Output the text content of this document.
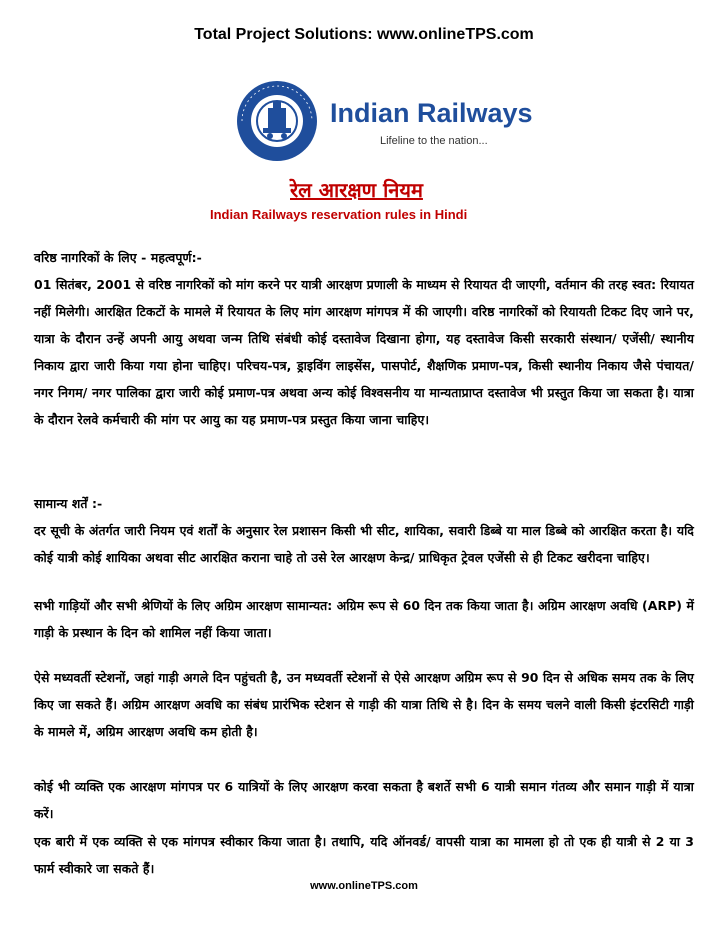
Total Project Solutions: www.onlineTPS.com
Indian Railways
Lifeline to the nation...
रेल आरक्षण नियम
Indian Railways reservation rules in Hindi
वरिष्ठ नागरिकों के लिए - महत्वपूर्ण:-
01 सितंबर, 2001 से वरिष्ठ नागरिकों को मांग करने पर यात्री आरक्षण प्रणाली के माध्यम से रियायत दी जाएगी, वर्तमान की तरह स्वत: रियायत नहीं मिलेगी। आरक्षित टिकटों के मामले में रियायत के लिए मांग आरक्षण मांगपत्र में की जाएगी। वरिष्ठ नागरिकों को रियायती टिकट दिए जाने पर, यात्रा के दौरान उन्हें अपनी आयु अथवा जन्म तिथि संबंधी कोई दस्तावेज दिखाना होगा, यह दस्तावेज किसी सरकारी संस्थान/ एजेंसी/ स्थानीय निकाय द्वारा जारी किया गया होना चाहिए। परिचय-पत्र, ड्राइविंग लाइसेंस, पासपोर्ट, शैक्षणिक प्रमाण-पत्र, किसी स्थानीय निकाय जैसे पंचायत/ नगर निगम/ नगर पालिका द्वारा जारी कोई प्रमाण-पत्र अथवा अन्य कोई विश्वसनीय या मान्यताप्राप्त दस्तावेज भी प्रस्तुत किया जा सकता है। यात्रा के दौरान रेलवे कर्मचारी की मांग पर आयु का यह प्रमाण-पत्र प्रस्तुत किया जाना चाहिए।
सामान्य शर्तें :-
दर सूची के अंतर्गत जारी नियम एवं शर्तों के अनुसार रेल प्रशासन किसी भी सीट, शायिका, सवारी डिब्बे या माल डिब्बे को आरक्षित करता है। यदि कोई यात्री कोई शायिका अथवा सीट आरक्षित कराना चाहे तो उसे रेल आरक्षण केन्द्र/ प्राधिकृत ट्रेवल एजेंसी से ही टिकट खरीदना चाहिए।
सभी गाड़ियों और सभी श्रेणियों के लिए अग्रिम आरक्षण सामान्यत: अग्रिम रूप से 60 दिन तक किया जाता है। अग्रिम आरक्षण अवधि (ARP) में गाड़ी के प्रस्थान के दिन को शामिल नहीं किया जाता।
ऐसे मध्यवर्ती स्टेशनों, जहां गाड़ी अगले दिन पहुंचती है, उन मध्यवर्ती स्टेशनों से ऐसे आरक्षण अग्रिम रूप से 90 दिन से अधिक समय तक के लिए किए जा सकते हैं। अग्रिम आरक्षण अवधि का संबंध प्रारंभिक स्टेशन से गाड़ी की यात्रा तिथि से है। दिन के समय चलने वाली किसी इंटरसिटी गाड़ी के मामले में, अग्रिम आरक्षण अवधि कम होती है।
कोई भी व्यक्ति एक आरक्षण मांगपत्र पर 6 यात्रियों के लिए आरक्षण करवा सकता है बशर्ते सभी 6 यात्री समान गंतव्य और समान गाड़ी में यात्रा करें।
एक बारी में एक व्यक्ति से एक मांगपत्र स्वीकार किया जाता है। तथापि, यदि ऑनवर्ड/ वापसी यात्रा का मामला हो तो एक ही यात्री से 2 या 3 फार्म स्वीकारे जा सकते हैं।
www.onlineTPS.com
